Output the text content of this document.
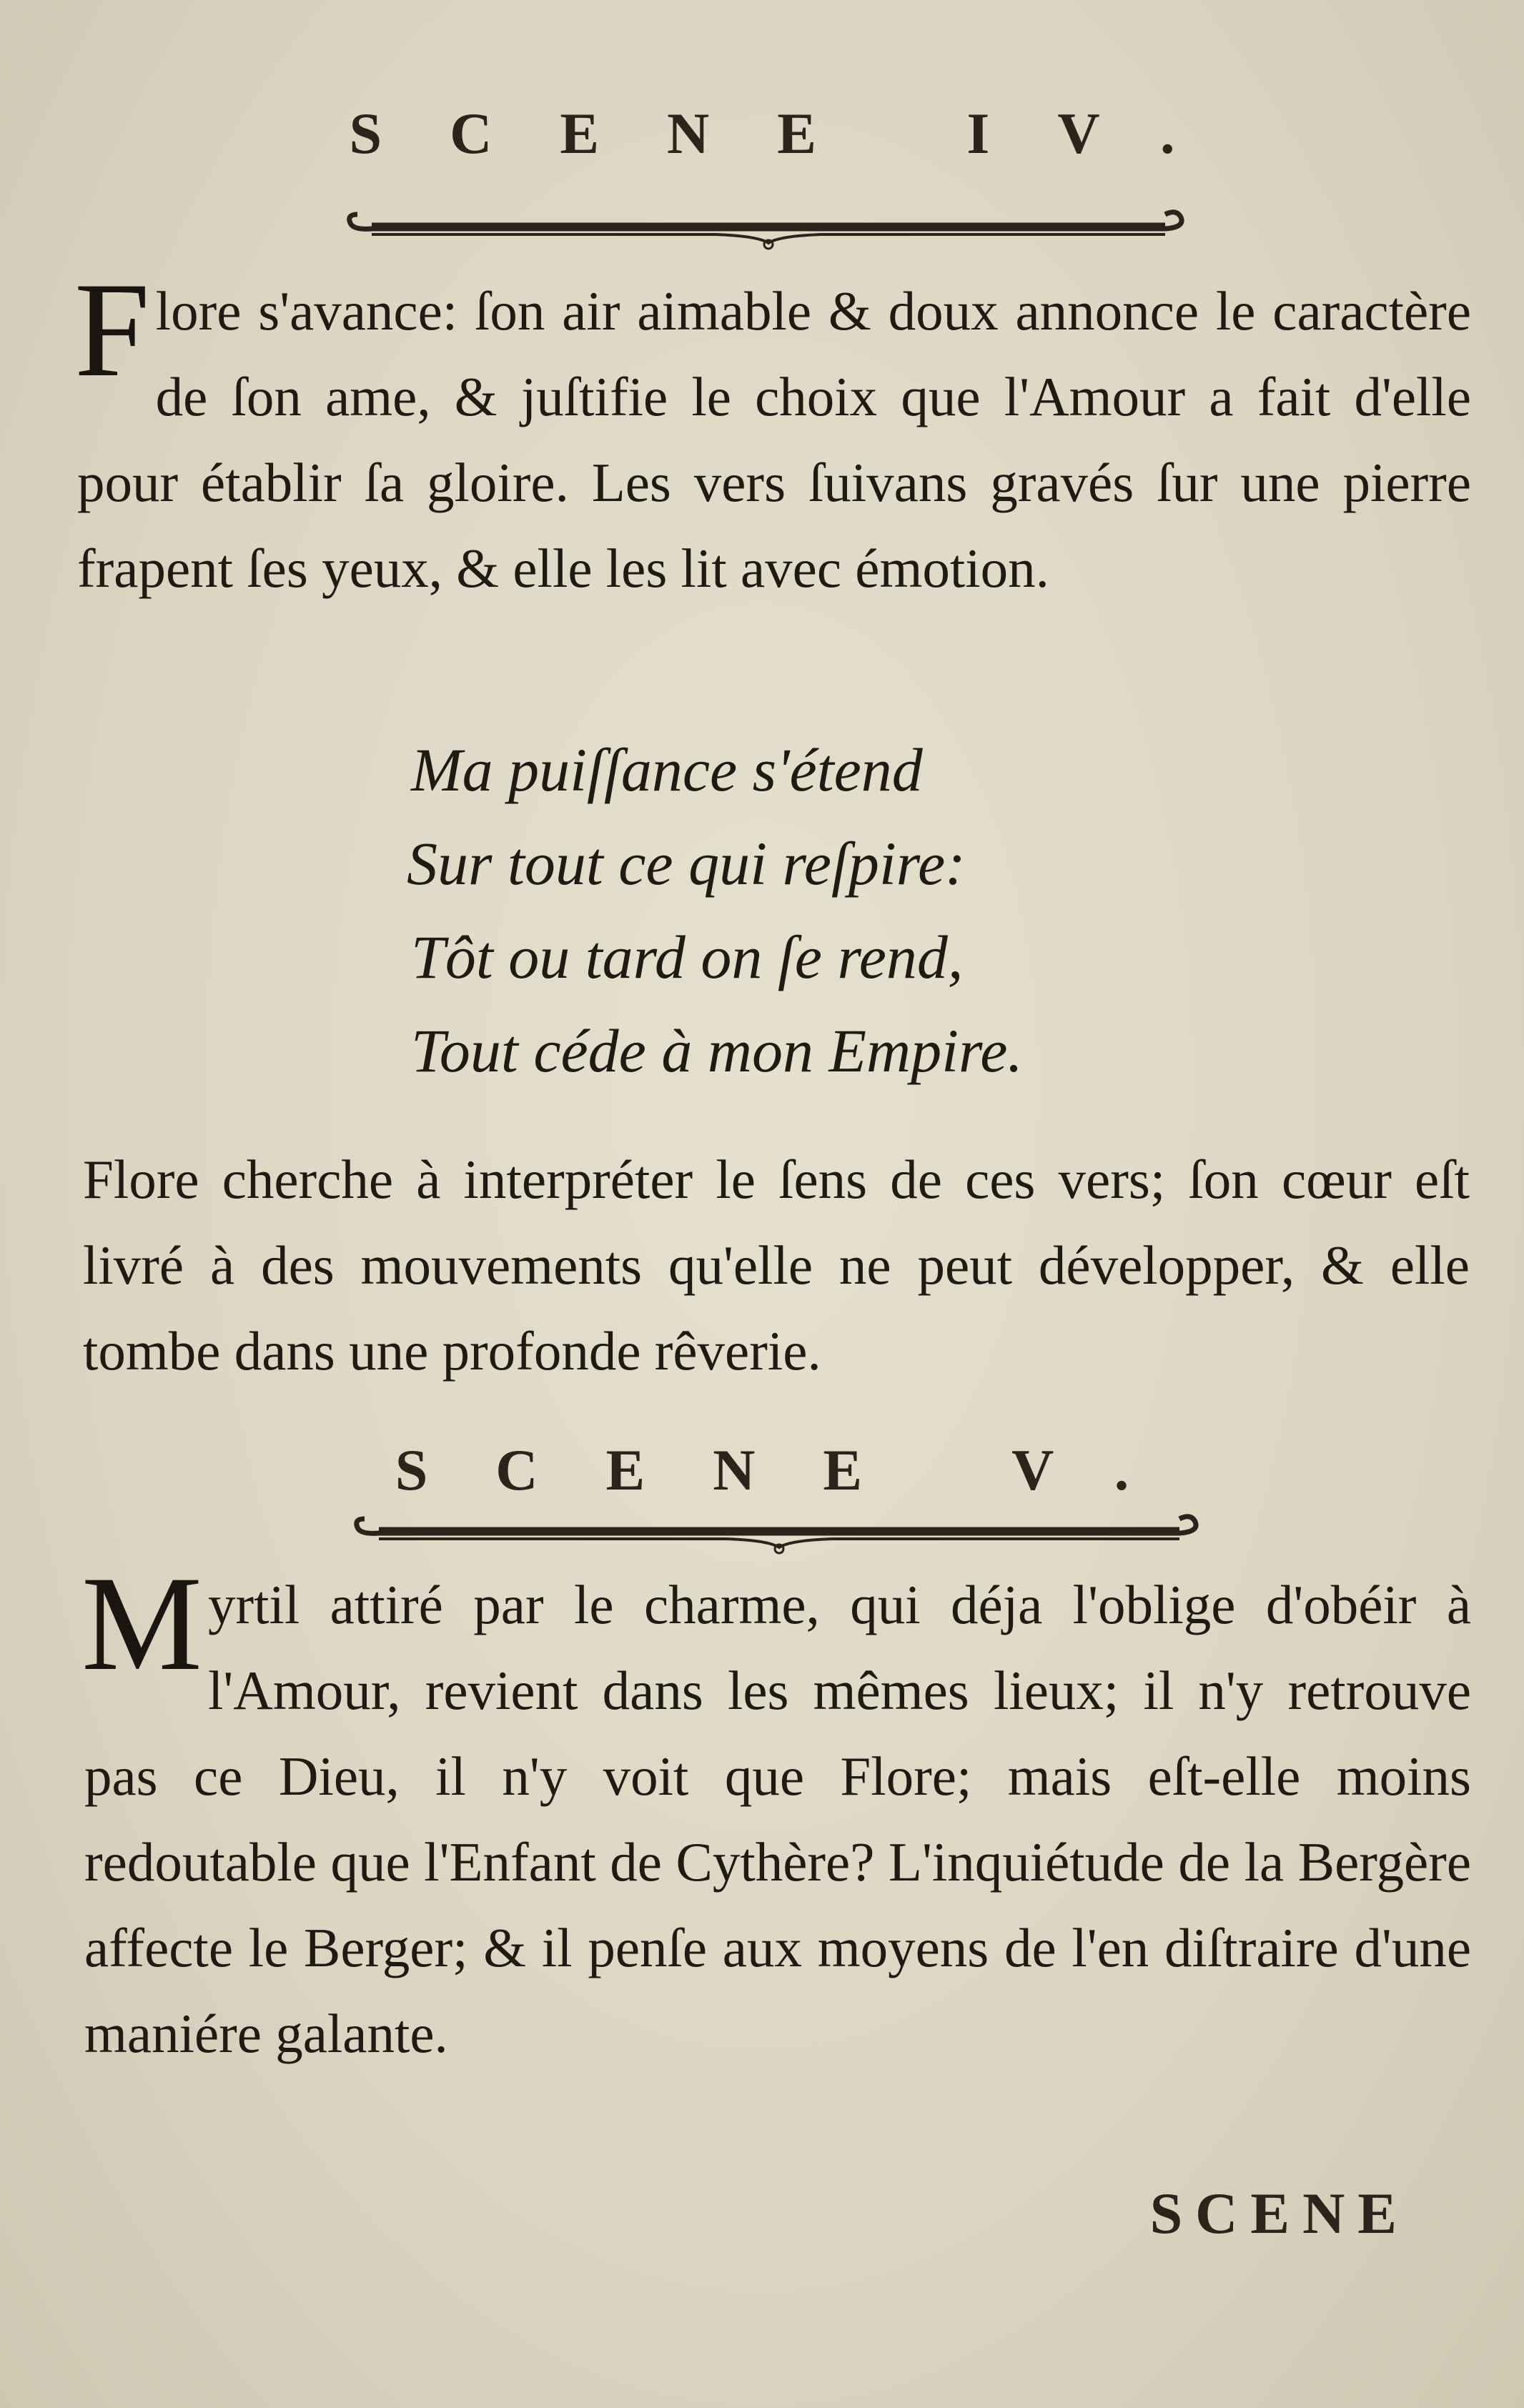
SCENE IV.

Flore s'avance: ſon air aimable & doux annonce le caractère de ſon ame, & juſtifie le choix que l'Amour a fait d'elle pour établir ſa gloire. Les vers ſuivans gravés ſur une pierre frapent ſes yeux, & elle les lit avec émotion.

Ma puiſſance s'étend
Sur tout ce qui reſpire:
Tôt ou tard on ſe rend,
Tout céde à mon Empire.

Flore cherche à interpréter le ſens de ces vers; ſon cœur eſt livré à des mouvements qu'elle ne peut développer, & elle tombe dans une profonde rêverie.

SCENE V.

Myrtil attiré par le charme, qui déja l'oblige d'obéir à l'Amour, revient dans les mêmes lieux; il n'y retrouve pas ce Dieu, il n'y voit que Flore; mais eſt-elle moins redoutable que l'Enfant de Cythère? L'inquiétude de la Bergère affecte le Berger; & il penſe aux moyens de l'en diſtraire d'une maniére galante.

SCENE
